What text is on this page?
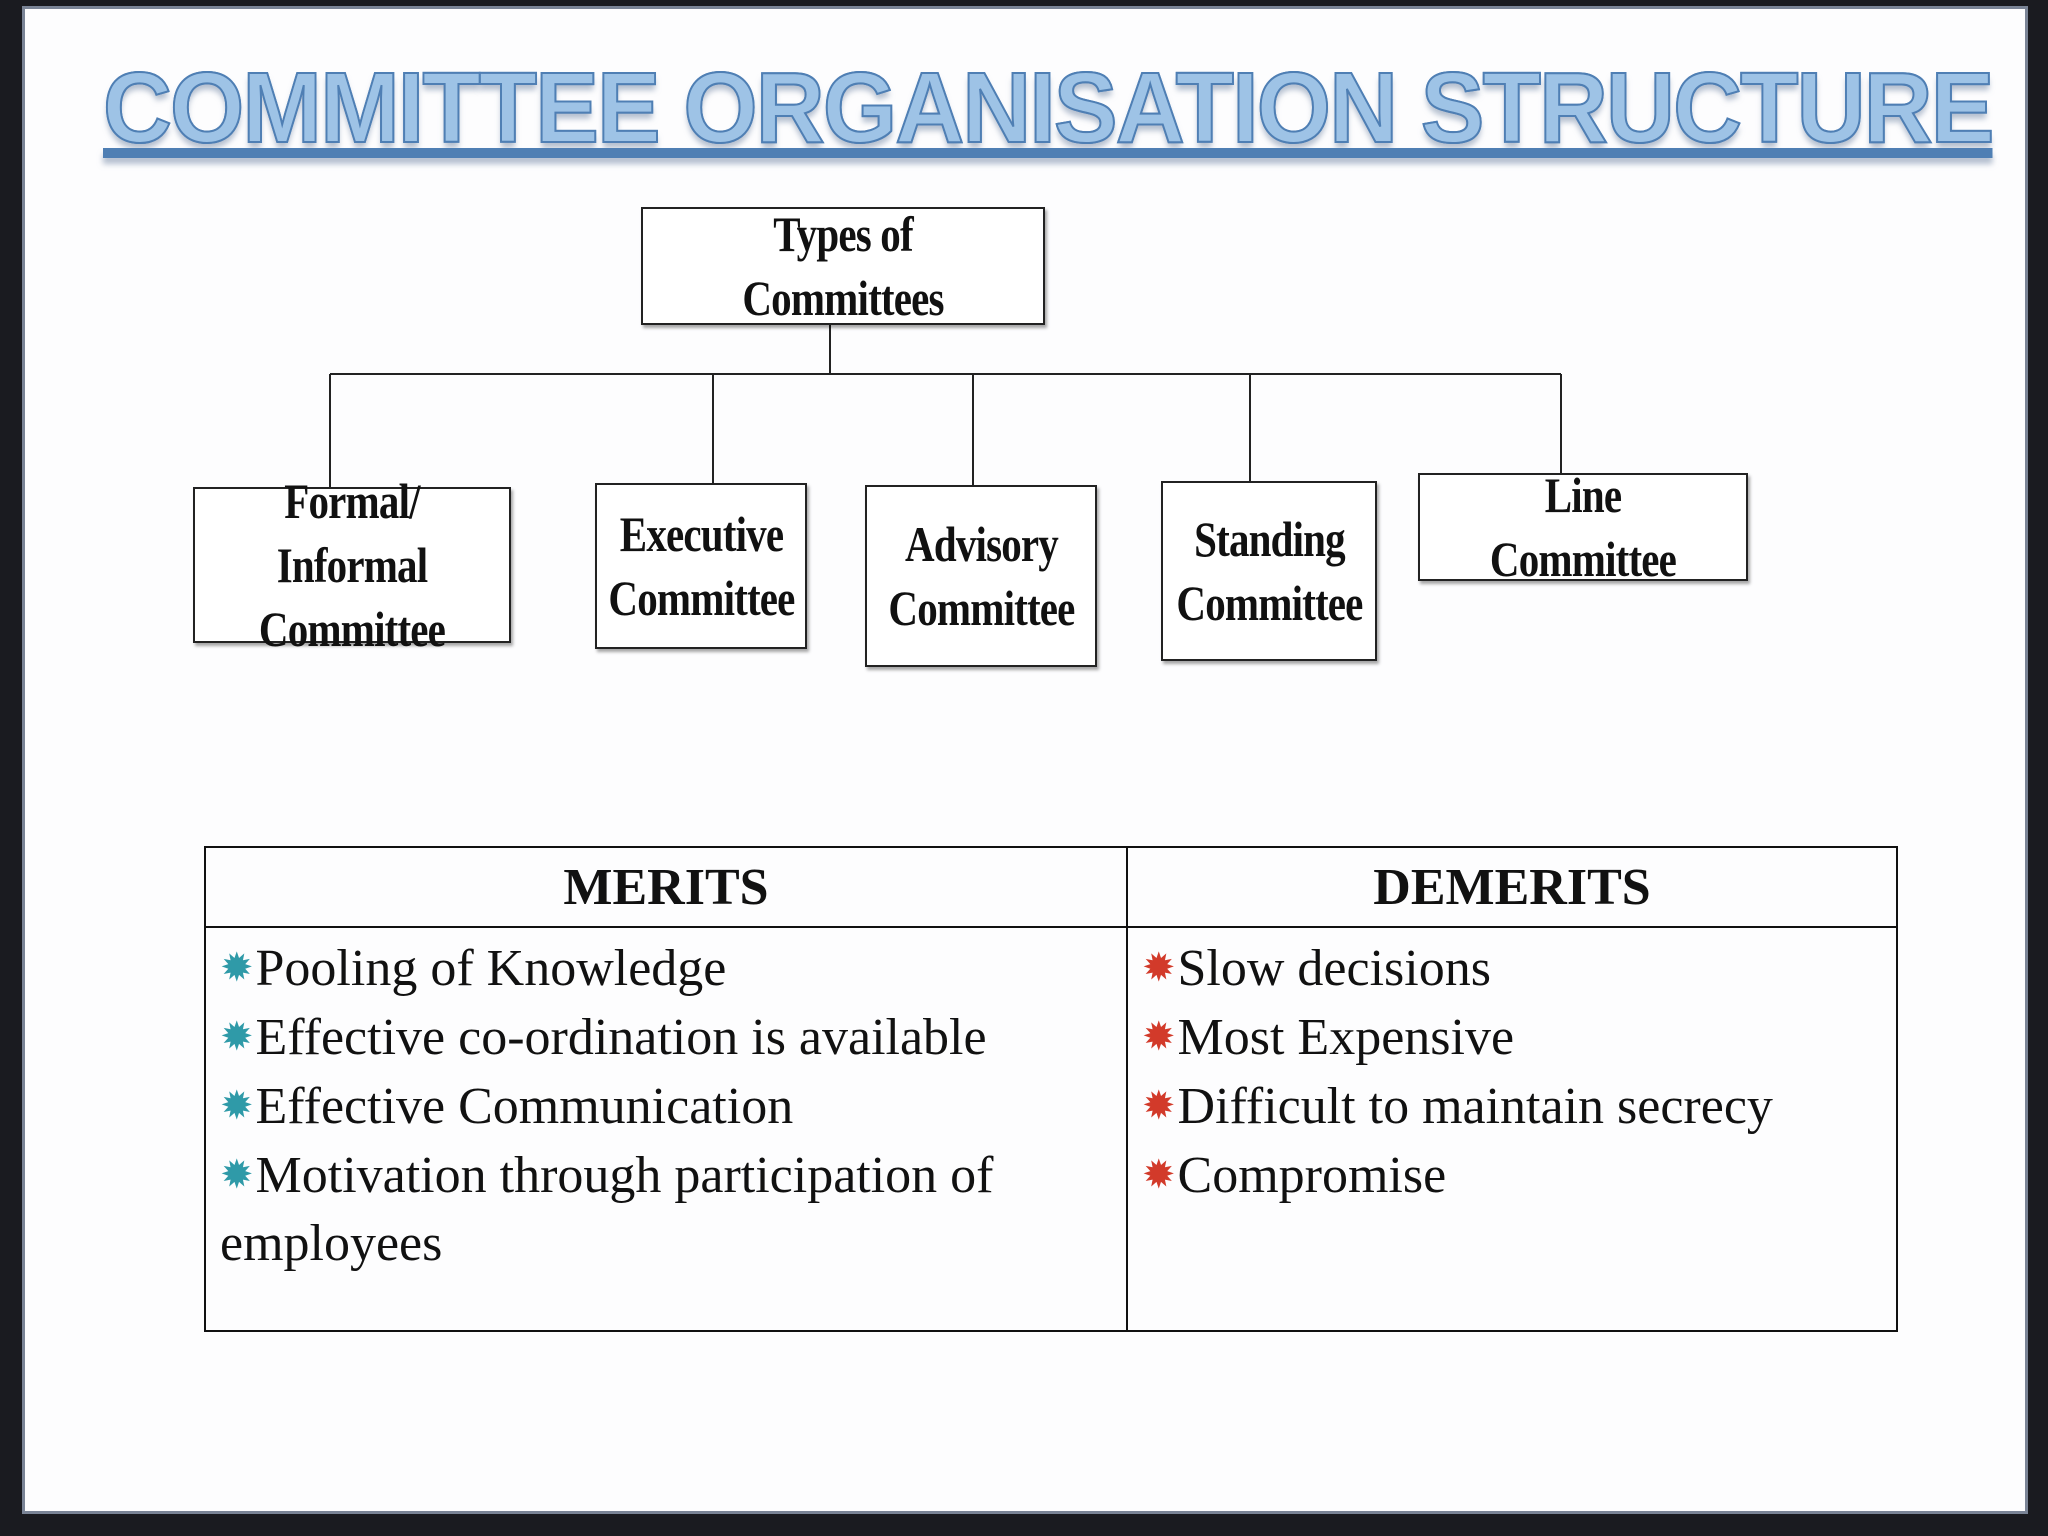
COMMITTEE ORGANISATION STRUCTURE
Types of Committees
Formal/ Informal
Committee
Executive
Committee
Advisory
Committee
Standing
Committee
Line Committee
MERITS
✹Pooling of Knowledge
✹Effective co-ordination is available
✹Effective Communication
✹Motivation through participation of employees
DEMERITS
✹Slow decisions
✹Most Expensive
✹Difficult to maintain secrecy
✹Compromise
